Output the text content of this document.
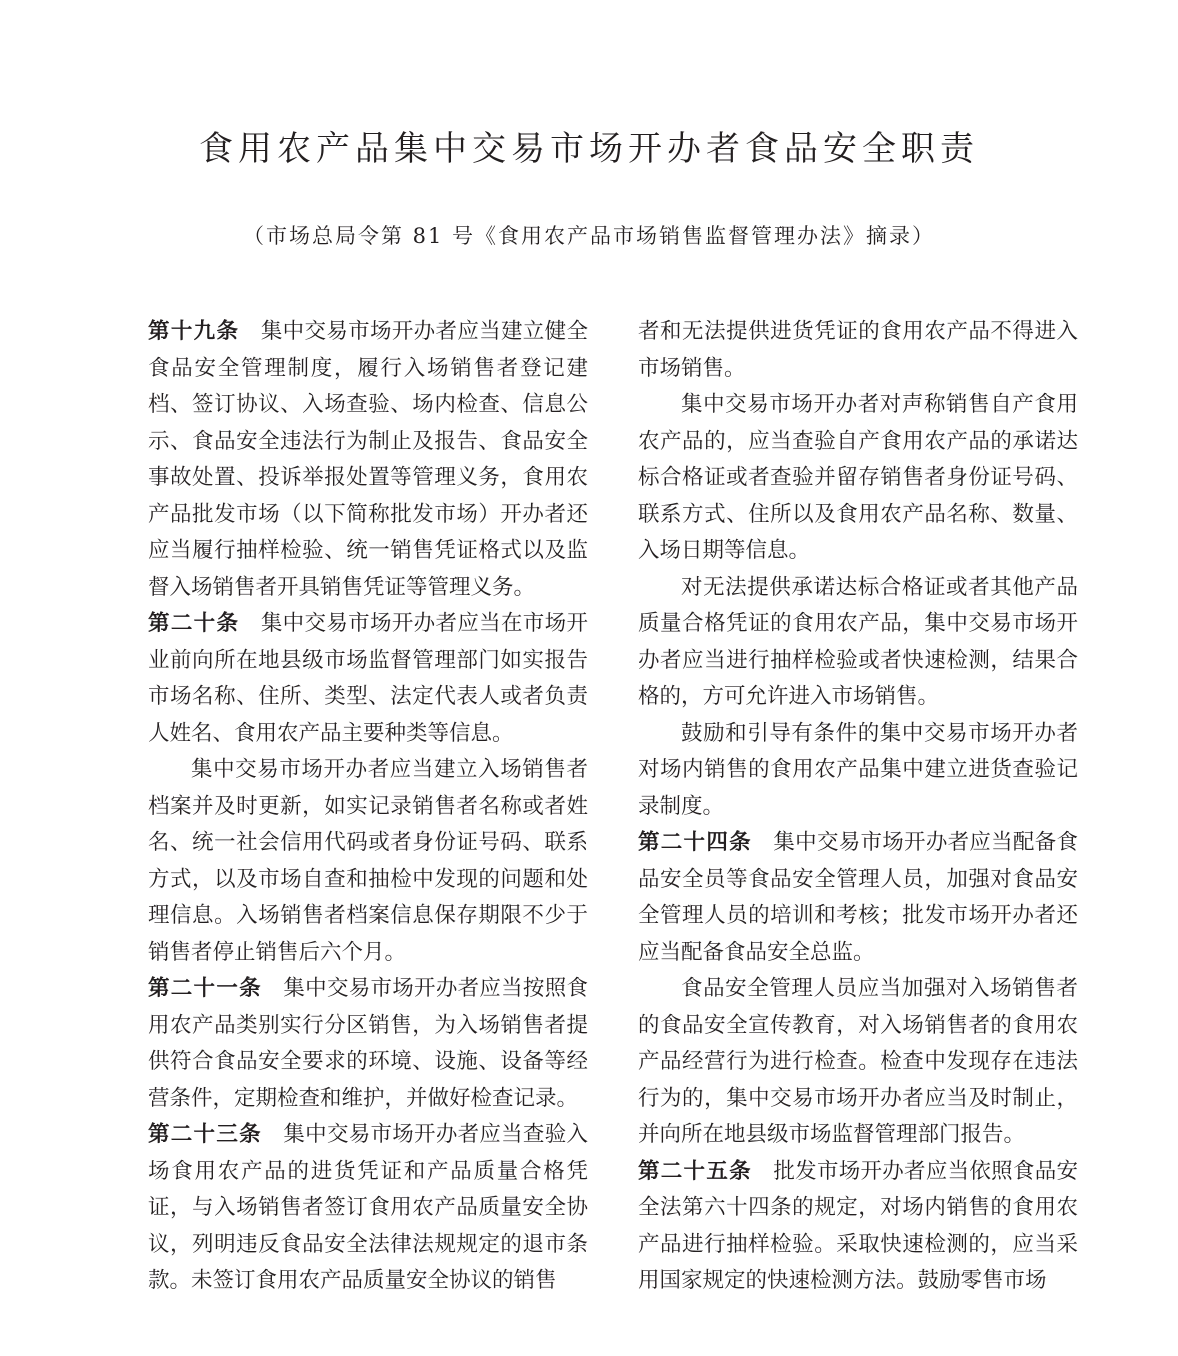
食用农产品集中交易市场开办者食品安全职责
（市场总局令第 81 号《食用农产品市场销售监督管理办法》摘录）

第十九条 集中交易市场开办者应当建立健全食品安全管理制度，履行入场销售者登记建档、签订协议、入场查验、场内检查、信息公示、食品安全违法行为制止及报告、食品安全事故处置、投诉举报处置等管理义务，食用农产品批发市场（以下简称批发市场）开办者还应当履行抽样检验、统一销售凭证格式以及监督入场销售者开具销售凭证等管理义务。

第二十条 集中交易市场开办者应当在市场开业前向所在地县级市场监督管理部门如实报告市场名称、住所、类型、法定代表人或者负责人姓名、食用农产品主要种类等信息。

集中交易市场开办者应当建立入场销售者档案并及时更新，如实记录销售者名称或者姓名、统一社会信用代码或者身份证号码、联系方式，以及市场自查和抽检中发现的问题和处理信息。入场销售者档案信息保存期限不少于销售者停止销售后六个月。

第二十一条 集中交易市场开办者应当按照食用农产品类别实行分区销售，为入场销售者提供符合食品安全要求的环境、设施、设备等经营条件，定期检查和维护，并做好检查记录。

第二十三条 集中交易市场开办者应当查验入场食用农产品的进货凭证和产品质量合格凭证，与入场销售者签订食用农产品质量安全协议，列明违反食品安全法律法规规定的退市条款。未签订食用农产品质量安全协议的销售

者和无法提供进货凭证的食用农产品不得进入市场销售。

集中交易市场开办者对声称销售自产食用农产品的，应当查验自产食用农产品的承诺达标合格证或者查验并留存销售者身份证号码、联系方式、住所以及食用农产品名称、数量、入场日期等信息。

对无法提供承诺达标合格证或者其他产品质量合格凭证的食用农产品，集中交易市场开办者应当进行抽样检验或者快速检测，结果合格的，方可允许进入市场销售。

鼓励和引导有条件的集中交易市场开办者对场内销售的食用农产品集中建立进货查验记录制度。

第二十四条 集中交易市场开办者应当配备食品安全员等食品安全管理人员，加强对食品安全管理人员的培训和考核；批发市场开办者还应当配备食品安全总监。

食品安全管理人员应当加强对入场销售者的食品安全宣传教育，对入场销售者的食用农产品经营行为进行检查。检查中发现存在违法行为的，集中交易市场开办者应当及时制止，并向所在地县级市场监督管理部门报告。

第二十五条 批发市场开办者应当依照食品安全法第六十四条的规定，对场内销售的食用农产品进行抽样检验。采取快速检测的，应当采用国家规定的快速检测方法。鼓励零售市场
